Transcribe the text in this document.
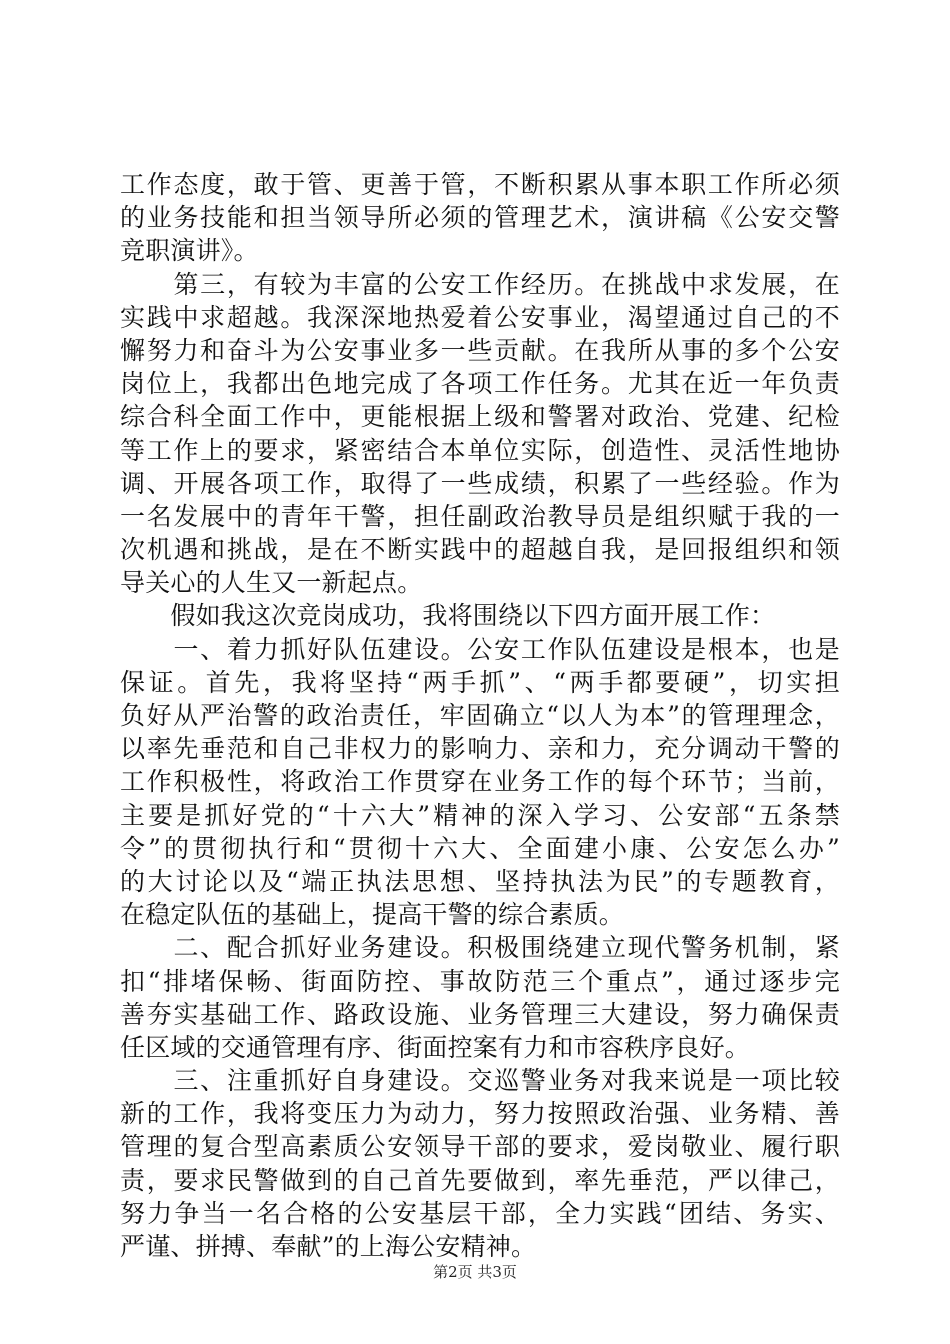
工作态度，敢于管、更善于管，不断积累从事本职工作所必须
的业务技能和担当领导所必须的管理艺术，演讲稿《公安交警
竞职演讲》。
　　第三，有较为丰富的公安工作经历。在挑战中求发展，在
实践中求超越。我深深地热爱着公安事业，渴望通过自己的不
懈努力和奋斗为公安事业多一些贡献。在我所从事的多个公安
岗位上，我都出色地完成了各项工作任务。尤其在近一年负责
综合科全面工作中，更能根据上级和警署对政治、党建、纪检
等工作上的要求，紧密结合本单位实际，创造性、灵活性地协
调、开展各项工作，取得了一些成绩，积累了一些经验。作为
一名发展中的青年干警，担任副政治教导员是组织赋于我的一
次机遇和挑战，是在不断实践中的超越自我，是回报组织和领
导关心的人生又一新起点。
　　假如我这次竞岗成功，我将围绕以下四方面开展工作：
　　一、着力抓好队伍建设。公安工作队伍建设是根本，也是
保证。首先，我将坚持“两手抓”、“两手都要硬”，切实担
负好从严治警的政治责任，牢固确立“以人为本”的管理理念，
以率先垂范和自己非权力的影响力、亲和力，充分调动干警的
工作积极性，将政治工作贯穿在业务工作的每个环节；当前，
主要是抓好党的“十六大”精神的深入学习、公安部“五条禁
令”的贯彻执行和“贯彻十六大、全面建小康、公安怎么办”
的大讨论以及“端正执法思想、坚持执法为民”的专题教育，
在稳定队伍的基础上，提高干警的综合素质。
　　二、配合抓好业务建设。积极围绕建立现代警务机制，紧
扣“排堵保畅、街面防控、事故防范三个重点”，通过逐步完
善夯实基础工作、路政设施、业务管理三大建设，努力确保责
任区域的交通管理有序、街面控案有力和市容秩序良好。
　　三、注重抓好自身建设。交巡警业务对我来说是一项比较
新的工作，我将变压力为动力，努力按照政治强、业务精、善
管理的复合型高素质公安领导干部的要求，爱岗敬业、履行职
责，要求民警做到的自己首先要做到，率先垂范，严以律己，
努力争当一名合格的公安基层干部，全力实践“团结、务实、
严谨、拼搏、奉献”的上海公安精神。
第2页 共3页
